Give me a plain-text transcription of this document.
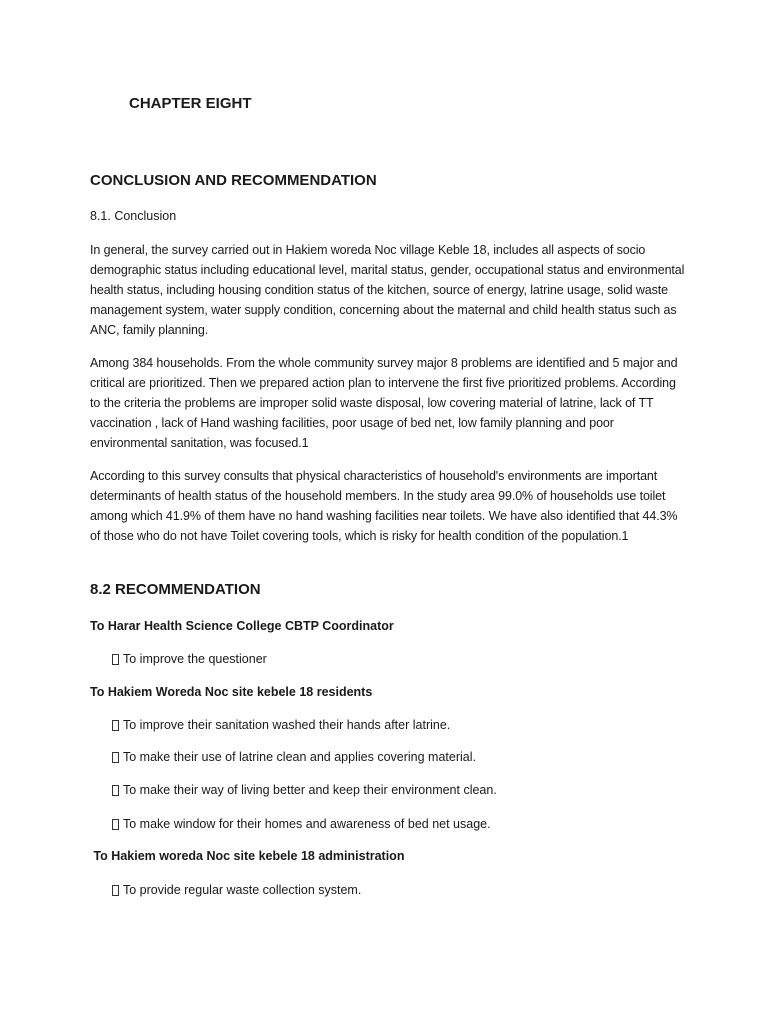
CHAPTER EIGHT
CONCLUSION AND RECOMMENDATION

8.1. Conclusion

In general, the survey carried out in Hakiem woreda Noc village Keble 18, includes all aspects of socio demographic status including educational level, marital status, gender, occupational status and environmental health status, including housing condition status of the kitchen, source of energy, latrine usage, solid waste management system, water supply condition, concerning about the maternal and child health status such as ANC, family planning.

Among 384 households. From the whole community survey major 8 problems are identified and 5 major and critical are prioritized. Then we prepared action plan to intervene the first five prioritized problems. According to the criteria the problems are improper solid waste disposal, low covering material of latrine, lack of TT vaccination , lack of Hand washing facilities, poor usage of bed net, low family planning and poor environmental sanitation, was focused.1

According to this survey consults that physical characteristics of household's environments are important determinants of health status of the household members. In the study area 99.0% of households use toilet among which 41.9% of them have no hand washing facilities near toilets. We have also identified that 44.3% of those who do not have Toilet covering tools, which is risky for health condition of the population.1

8.2 RECOMMENDATION

To Harar Health Science College CBTP Coordinator

To improve the questioner

To Hakiem Woreda Noc site kebele 18 residents

To improve their sanitation washed their hands after latrine.

To make their use of latrine clean and applies covering material.

To make their way of living better and keep their environment clean.

To make window for their homes and awareness of bed net usage.

To Hakiem woreda Noc site kebele 18 administration

To provide regular waste collection system.
